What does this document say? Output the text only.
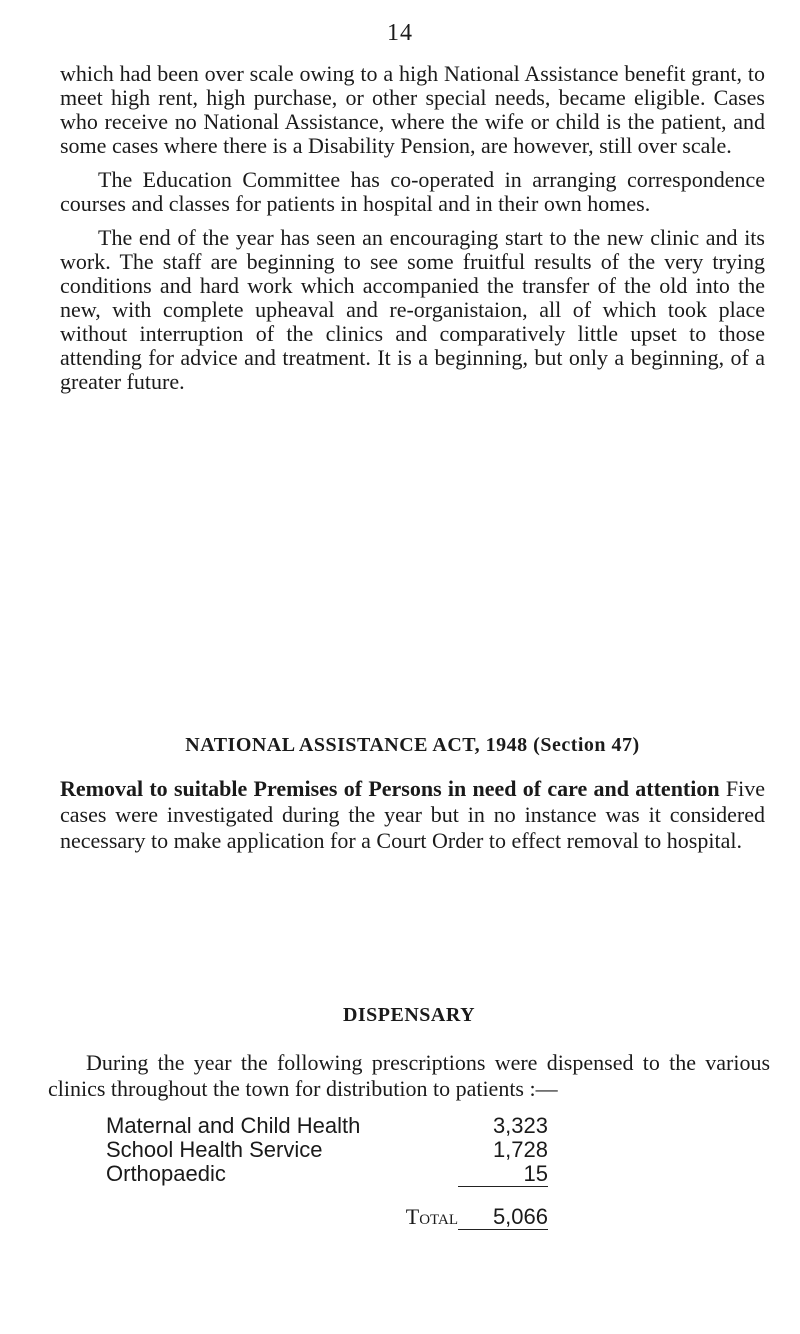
14

which had been over scale owing to a high National Assistance benefit grant, to meet high rent, high purchase, or other special needs, became eligible. Cases who receive no National Assistance, where the wife or child is the patient, and some cases where there is a Disability Pension, are however, still over scale.

The Education Committee has co-operated in arranging correspondence courses and classes for patients in hospital and in their own homes.

The end of the year has seen an encouraging start to the new clinic and its work. The staff are beginning to see some fruitful results of the very trying conditions and hard work which accompanied the transfer of the old into the new, with complete upheaval and re-organistaion, all of which took place without interruption of the clinics and comparatively little upset to those attending for advice and treatment. It is a beginning, but only a beginning, of a greater future.

NATIONAL ASSISTANCE ACT, 1948 (Section 47)

Removal to suitable Premises of Persons in need of care and attention Five cases were investigated during the year but in no instance was it considered necessary to make application for a Court Order to effect removal to hospital.

DISPENSARY

During the year the following prescriptions were dispensed to the various clinics throughout the town for distribution to patients :—

Maternal and Child Health	3,323
School Health Service	1,728
Orthopaedic	15
Total	5,066
